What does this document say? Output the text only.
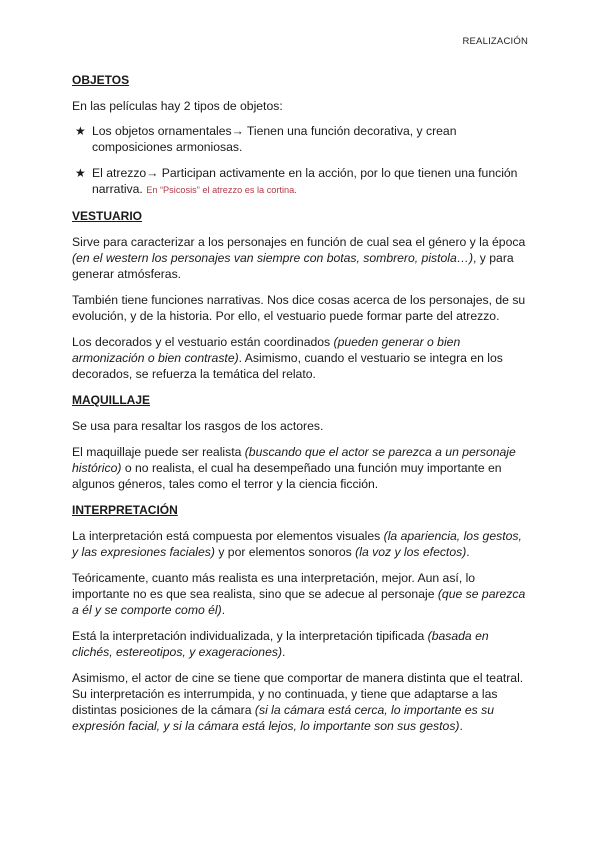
REALIZACIÓN
OBJETOS

En las películas hay 2 tipos de objetos:

★ Los objetos ornamentales→ Tienen una función decorativa, y crean composiciones armoniosas.
★ El atrezzo→ Participan activamente en la acción, por lo que tienen una función narrativa. En “Psicosis” el atrezzo es la cortina.
VESTUARIO

Sirve para caracterizar a los personajes en función de cual sea el género y la época (en el western los personajes van siempre con botas, sombrero, pistola…), y para generar atmósferas.

También tiene funciones narrativas. Nos dice cosas acerca de los personajes, de su evolución, y de la historia. Por ello, el vestuario puede formar parte del atrezzo.

Los decorados y el vestuario están coordinados (pueden generar o bien armonización o bien contraste). Asimismo, cuando el vestuario se integra en los decorados, se refuerza la temática del relato.

MAQUILLAJE

Se usa para resaltar los rasgos de los actores.

El maquillaje puede ser realista (buscando que el actor se parezca a un personaje histórico) o no realista, el cual ha desempeñado una función muy importante en algunos géneros, tales como el terror y la ciencia ficción.

INTERPRETACIÓN

La interpretación está compuesta por elementos visuales (la apariencia, los gestos, y las expresiones faciales) y por elementos sonoros (la voz y los efectos).

Teóricamente, cuanto más realista es una interpretación, mejor. Aun así, lo importante no es que sea realista, sino que se adecue al personaje (que se parezca a él y se comporte como él).

Está la interpretación individualizada, y la interpretación tipificada (basada en clichés, estereotipos, y exageraciones).

Asimismo, el actor de cine se tiene que comportar de manera distinta que el teatral. Su interpretación es interrumpida, y no continuada, y tiene que adaptarse a las distintas posiciones de la cámara (si la cámara está cerca, lo importante es su expresión facial, y si la cámara está lejos, lo importante son sus gestos).
